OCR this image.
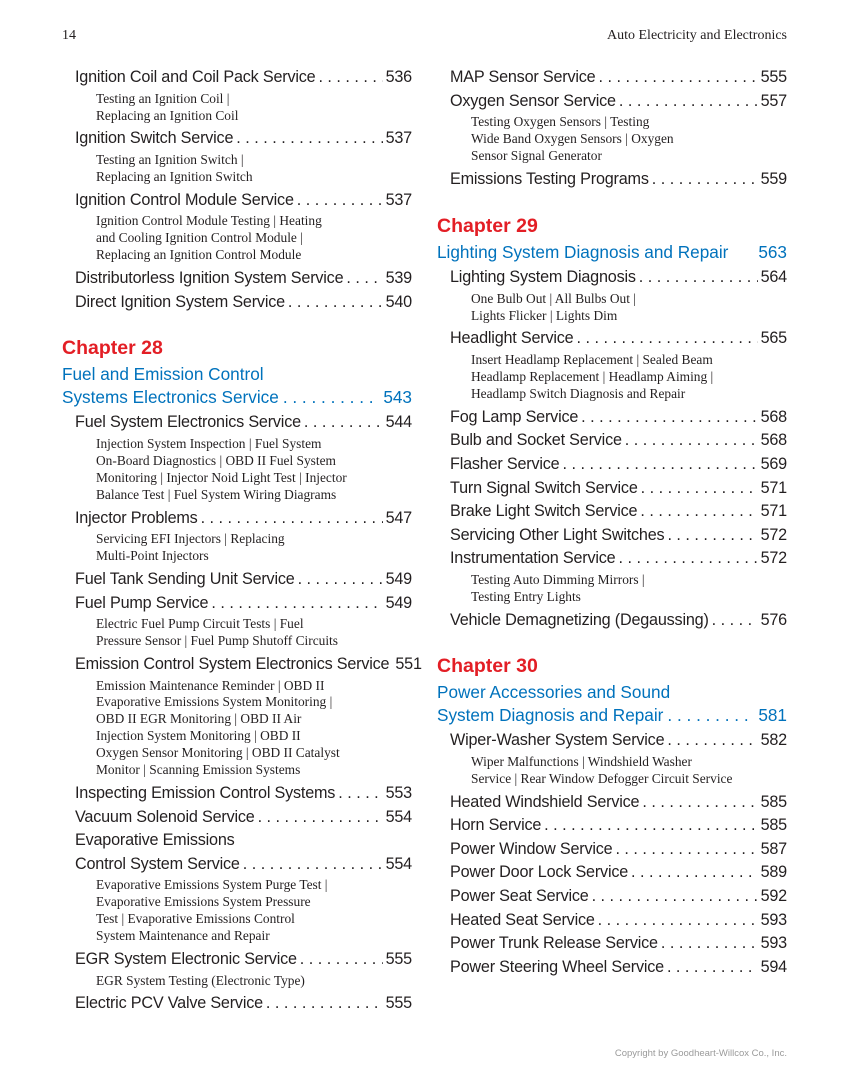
14	Auto Electricity and Electronics
Ignition Coil and Coil Pack Service . . .	536
Testing an Ignition Coil |
Replacing an Ignition Coil
Ignition Switch Service . . .	537
Testing an Ignition Switch |
Replacing an Ignition Switch
Ignition Control Module Service . . .	537
Ignition Control Module Testing | Heating
and Cooling Ignition Control Module |
Replacing an Ignition Control Module
Distributorless Ignition System Service . . .	539
Direct Ignition System Service . . .	540
Chapter 28
Fuel and Emission Control
Systems Electronics Service . . .	543
Fuel System Electronics Service . . .	544
Injection System Inspection | Fuel System
On-Board Diagnostics | OBD II Fuel System
Monitoring | Injector Noid Light Test | Injector
Balance Test | Fuel System Wiring Diagrams
Injector Problems . . .	547
Servicing EFI Injectors | Replacing
Multi-Point Injectors
Fuel Tank Sending Unit Service . . .	549
Fuel Pump Service . . .	549
Electric Fuel Pump Circuit Tests | Fuel
Pressure Sensor | Fuel Pump Shutoff Circuits
Emission Control System Electronics Service 551
Emission Maintenance Reminder | OBD II
Evaporative Emissions System Monitoring |
OBD II EGR Monitoring | OBD II Air
Injection System Monitoring | OBD II
Oxygen Sensor Monitoring | OBD II Catalyst
Monitor | Scanning Emission Systems
Inspecting Emission Control Systems . . .	553
Vacuum Solenoid Service . . .	554
Evaporative Emissions
Control System Service . . .	554
Evaporative Emissions System Purge Test |
Evaporative Emissions System Pressure
Test | Evaporative Emissions Control
System Maintenance and Repair
EGR System Electronic Service . . .	555
EGR System Testing (Electronic Type)
Electric PCV Valve Service . . .	555
MAP Sensor Service . . .	555
Oxygen Sensor Service . . .	557
Testing Oxygen Sensors | Testing
Wide Band Oxygen Sensors | Oxygen
Sensor Signal Generator
Emissions Testing Programs . . .	559
Chapter 29
Lighting System Diagnosis and Repair 563
Lighting System Diagnosis . . .	564
One Bulb Out | All Bulbs Out |
Lights Flicker | Lights Dim
Headlight Service . . .	565
Insert Headlamp Replacement | Sealed Beam
Headlamp Replacement | Headlamp Aiming |
Headlamp Switch Diagnosis and Repair
Fog Lamp Service . . .	568
Bulb and Socket Service . . .	568
Flasher Service . . .	569
Turn Signal Switch Service . . .	571
Brake Light Switch Service . . .	571
Servicing Other Light Switches . . .	572
Instrumentation Service . . .	572
Testing Auto Dimming Mirrors |
Testing Entry Lights
Vehicle Demagnetizing (Degaussing) . . .	576
Chapter 30
Power Accessories and Sound
System Diagnosis and Repair . . .	581
Wiper-Washer System Service . . .	582
Wiper Malfunctions | Windshield Washer
Service | Rear Window Defogger Circuit Service
Heated Windshield Service . . .	585
Horn Service . . .	585
Power Window Service . . .	587
Power Door Lock Service . . .	589
Power Seat Service . . .	592
Heated Seat Service . . .	593
Power Trunk Release Service . . .	593
Power Steering Wheel Service . . .	594
Copyright by Goodheart-Willcox Co., Inc.
